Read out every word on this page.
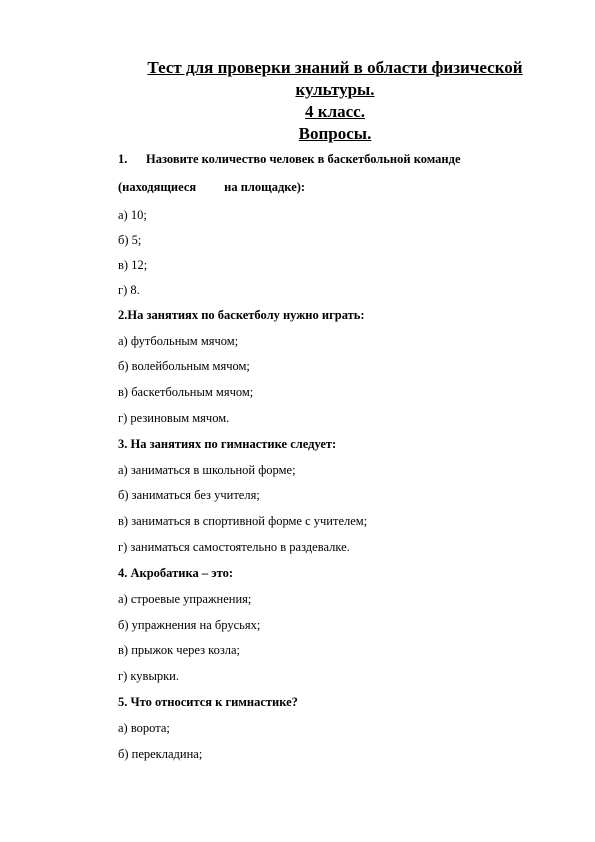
Тест для проверки знаний в области физической
культуры.
4 класс.
Вопросы.
1. Назовите количество человек в баскетбольной команде
(находящиеся на площадке):
а) 10;
б) 5;
в) 12;
г) 8.
2.На занятиях по баскетболу нужно играть:
а) футбольным мячом;
б) волейбольным мячом;
в) баскетбольным мячом;
г) резиновым мячом.
3. На занятиях по гимнастике следует:
а) заниматься в школьной форме;
б) заниматься без учителя;
в) заниматься в спортивной форме с учителем;
г) заниматься самостоятельно в раздевалке.
4. Акробатика – это:
а) строевые упражнения;
б) упражнения на брусьях;
в) прыжок через козла;
г) кувырки.
5. Что относится к гимнастике?
а) ворота;
б) перекладина;
